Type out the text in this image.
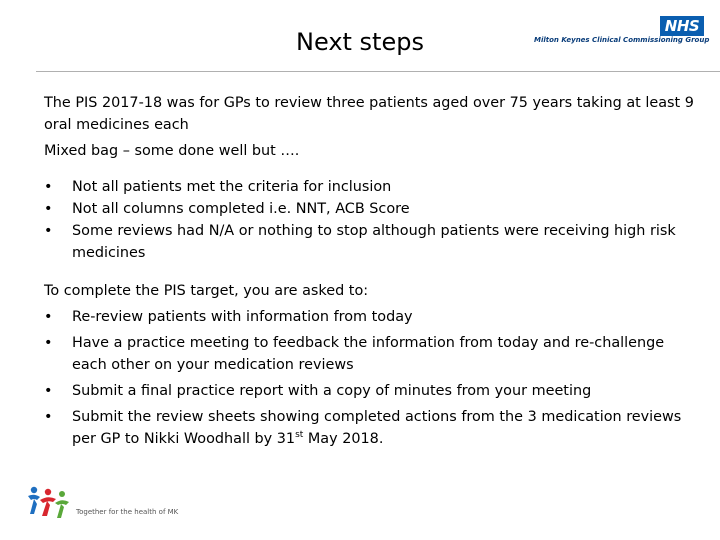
Next steps
NHS
Milton Keynes Clinical Commissioning Group

The PIS 2017-18 was for GPs to review three patients aged over 75 years taking at least 9 oral medicines each

Mixed bag – some done well but ….

•	Not all patients met the criteria for inclusion
•	Not all columns completed i.e. NNT, ACB Score
•	Some reviews had N/A or nothing to stop although patients were receiving high risk medicines

To complete the PIS target, you are asked to:

•	Re-review patients with information from today
•	Have a practice meeting to feedback the information from today and re-challenge each other on your medication reviews
•	Submit a final practice report with a copy of minutes from your meeting
•	Submit the review sheets showing completed actions from the 3 medication reviews per GP to Nikki Woodhall by 31st May 2018.
Together for the health of MK
